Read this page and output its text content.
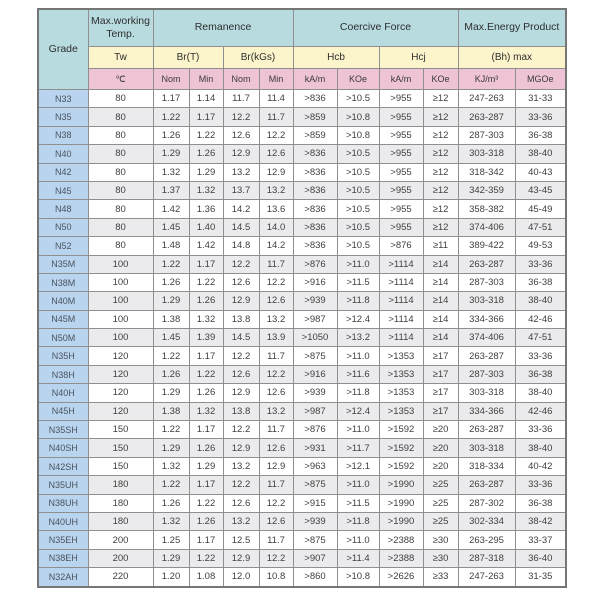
Grade	Max.working Temp.	Remanence				Coercive Force				Max.Energy Product	
	Tw	Br(T)		Br(kGs)		Hcb		Hcj		(Bh) max	
	℃	Nom	Min	Nom	Min	kA/m	KOe	kA/m	KOe	KJ/m³	MGOe
N33	80	1.17	1.14	11.7	11.4	>836	>10.5	>955	≥12	247-263	31-33
N35	80	1.22	1.17	12.2	11.7	>859	>10.8	>955	≥12	263-287	33-36
N38	80	1.26	1.22	12.6	12.2	>859	>10.8	>955	≥12	287-303	36-38
N40	80	1.29	1.26	12.9	12.6	>836	>10.5	>955	≥12	303-318	38-40
N42	80	1.32	1.29	13.2	12.9	>836	>10.5	>955	≥12	318-342	40-43
N45	80	1.37	1.32	13.7	13.2	>836	>10.5	>955	≥12	342-359	43-45
N48	80	1.42	1.36	14.2	13.6	>836	>10.5	>955	≥12	358-382	45-49
N50	80	1.45	1.40	14.5	14.0	>836	>10.5	>955	≥12	374-406	47-51
N52	80	1.48	1.42	14.8	14.2	>836	>10.5	>876	≥11	389-422	49-53
N35M	100	1.22	1.17	12.2	11.7	>876	>11.0	>1114	≥14	263-287	33-36
N38M	100	1.26	1.22	12.6	12.2	>916	>11.5	>1114	≥14	287-303	36-38
N40M	100	1.29	1.26	12.9	12.6	>939	>11.8	>1114	≥14	303-318	38-40
N45M	100	1.38	1.32	13.8	13.2	>987	>12.4	>1114	≥14	334-366	42-46
N50M	100	1.45	1.39	14.5	13.9	>1050	>13.2	>1114	≥14	374-406	47-51
N35H	120	1.22	1.17	12.2	11.7	>875	>11.0	>1353	≥17	263-287	33-36
N38H	120	1.26	1.22	12.6	12.2	>916	>11.6	>1353	≥17	287-303	36-38
N40H	120	1.29	1.26	12.9	12.6	>939	>11.8	>1353	≥17	303-318	38-40
N45H	120	1.38	1.32	13.8	13.2	>987	>12.4	>1353	≥17	334-366	42-46
N35SH	150	1.22	1.17	12.2	11.7	>876	>11.0	>1592	≥20	263-287	33-36
N40SH	150	1.29	1.26	12.9	12.6	>931	>11.7	>1592	≥20	303-318	38-40
N42SH	150	1.32	1.29	13.2	12.9	>963	>12.1	>1592	≥20	318-334	40-42
N35UH	180	1.22	1.17	12.2	11.7	>875	>11.0	>1990	≥25	263-287	33-36
N38UH	180	1.26	1.22	12.6	12.2	>915	>11.5	>1990	≥25	287-302	36-38
N40UH	180	1.32	1.26	13.2	12.6	>939	>11.8	>1990	≥25	302-334	38-42
N35EH	200	1.25	1.17	12.5	11.7	>875	>11.0	>2388	≥30	263-295	33-37
N38EH	200	1.29	1.22	12.9	12.2	>907	>11.4	>2388	≥30	287-318	36-40
N32AH	220	1.20	1.08	12.0	10.8	>860	>10.8	>2626	≥33	247-263	31-35
